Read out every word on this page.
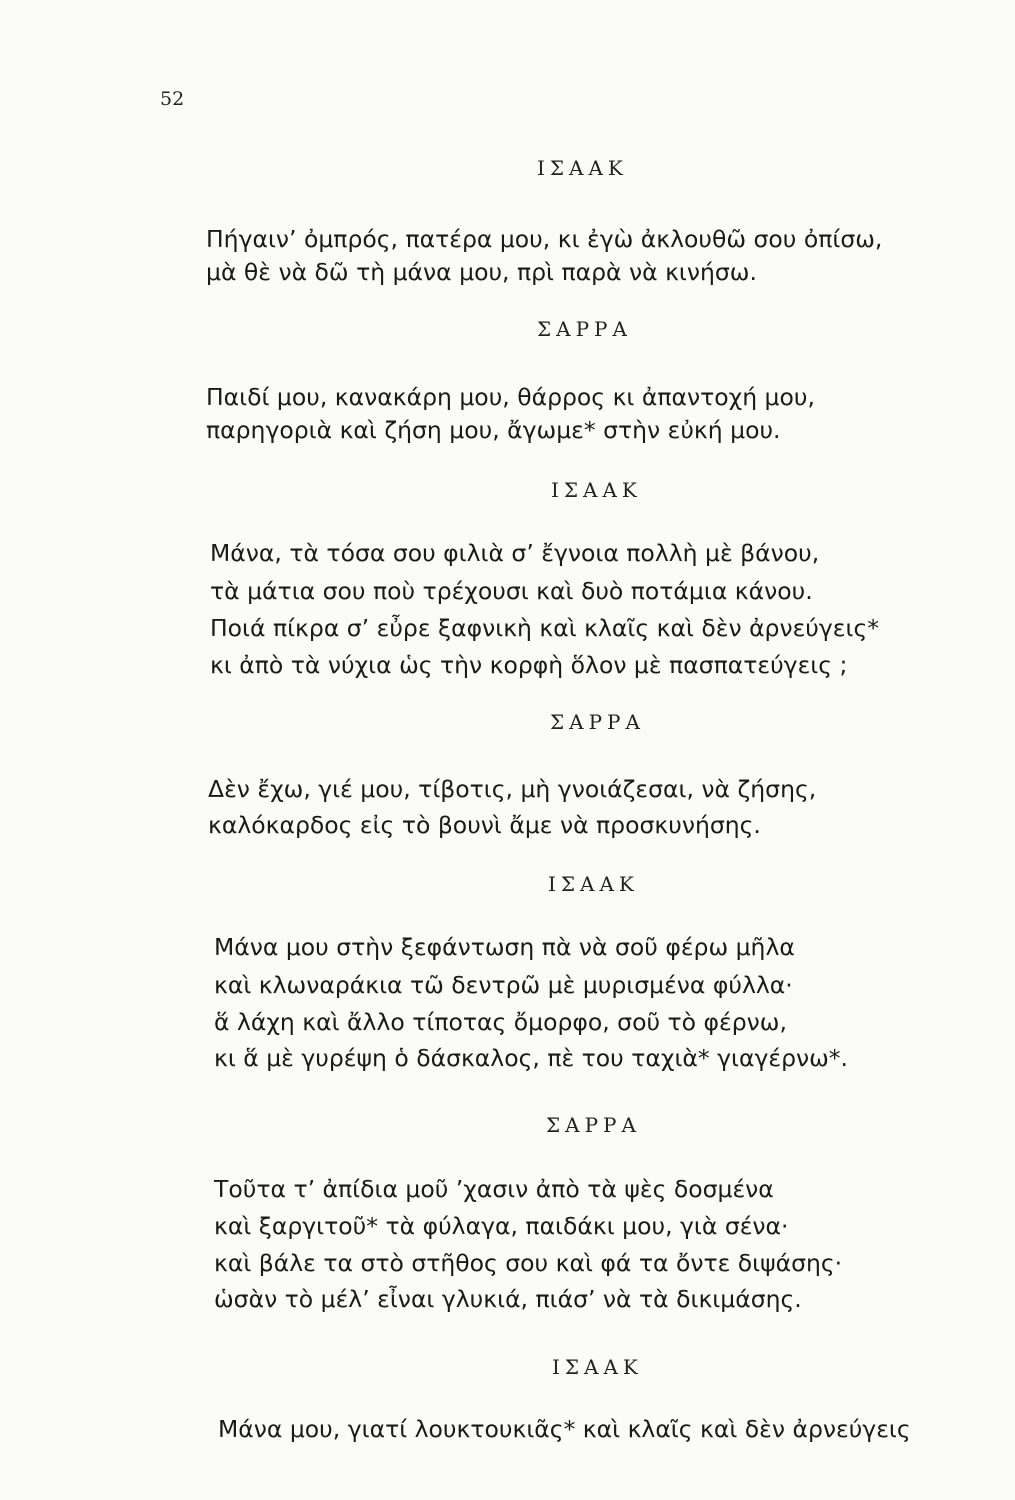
52
ΙΣΑΑΚ
Πήγαιν’ ὀμπρός, πατέρα μου, κι ἐγὼ ἀκλουθῶ σου ὀπίσω,
μὰ θὲ νὰ δῶ τὴ μάνα μου, πρὶ παρὰ νὰ κινήσω.
ΣΑΡΡΑ
Παιδί μου, κανακάρη μου, θάρρος κι ἀπαντοχή μου,
παρηγοριὰ καὶ ζήση μου, ἄγωμε* στὴν εὐκή μου.
ΙΣΑΑΚ
Μάνα, τὰ τόσα σου φιλιὰ σ’ ἔγνοια πολλὴ μὲ βάνου,
τὰ μάτια σου ποὺ τρέχουσι καὶ δυὸ ποτάμια κάνου.
Ποιά πίκρα σ’ εὖρε ξαφνικὴ καὶ κλαῖς καὶ δὲν ἀρνεύγεις*
κι ἀπὸ τὰ νύχια ὡς τὴν κορφὴ ὅλον μὲ πασπατεύγεις ;
ΣΑΡΡΑ
Δὲν ἔχω, γιέ μου, τίβοτις, μὴ γνοιάζεσαι, νὰ ζήσης,
καλόκαρδος εἰς τὸ βουνὶ ἄμε νὰ προσκυνήσης.
ΙΣΑΑΚ
Μάνα μου στὴν ξεφάντωση πὰ νὰ σοῦ φέρω μῆλα
καὶ κλωναράκια τῶ δεντρῶ μὲ μυρισμένα φύλλα·
ἅ λάχη καὶ ἄλλο τίποτας ὄμορφο, σοῦ τὸ φέρνω,
κι ἅ μὲ γυρέψη ὁ δάσκαλος, πὲ του ταχιὰ* γιαγέρνω*.
ΣΑΡΡΑ
Τοῦτα τ’ ἀπίδια μοῦ ’χασιν ἀπὸ τὰ ψὲς δοσμένα
καὶ ξαργιτοῦ* τὰ φύλαγα, παιδάκι μου, γιὰ σένα·
καὶ βάλε τα στὸ στῆθος σου καὶ φά τα ὄντε διψάσης·
ὡσὰν τὸ μέλ’ εἶναι γλυκιά, πιάσ’ νὰ τὰ δικιμάσης.
ΙΣΑΑΚ
Μάνα μου, γιατί λουκτουκιᾶς* καὶ κλαῖς καὶ δὲν ἀρνεύγεις
